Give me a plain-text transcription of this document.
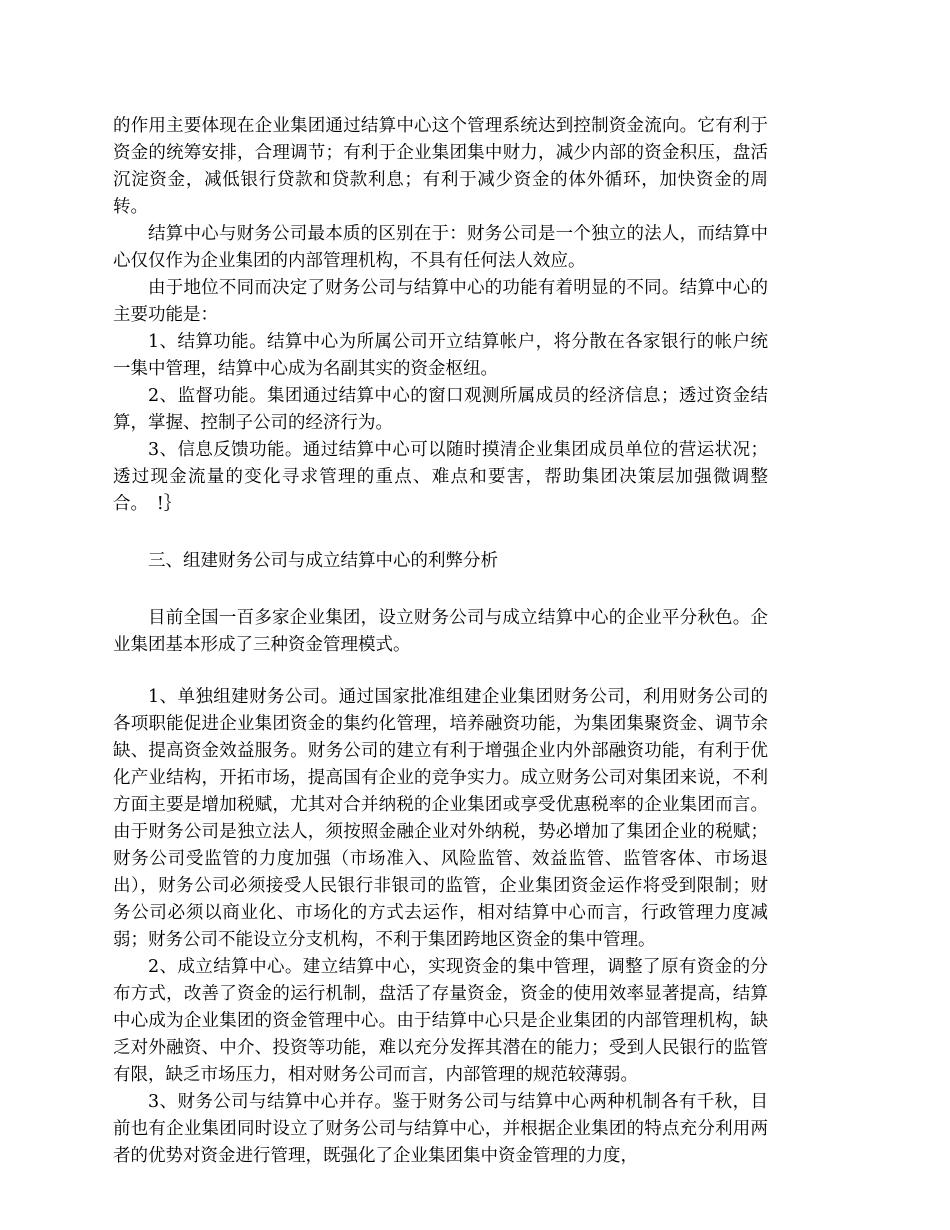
的作用主要体现在企业集团通过结算中心这个管理系统达到控制资金流向。它有利于资金的统筹安排，合理调节；有利于企业集团集中财力，减少内部的资金积压，盘活沉淀资金，减低银行贷款和贷款利息；有利于减少资金的体外循环，加快资金的周转。

结算中心与财务公司最本质的区别在于：财务公司是一个独立的法人，而结算中心仅仅作为企业集团的内部管理机构，不具有任何法人效应。

由于地位不同而决定了财务公司与结算中心的功能有着明显的不同。结算中心的主要功能是：

1、结算功能。结算中心为所属公司开立结算帐户，将分散在各家银行的帐户统一集中管理，结算中心成为名副其实的资金枢纽。

2、监督功能。集团通过结算中心的窗口观测所属成员的经济信息；透过资金结算，掌握、控制子公司的经济行为。

3、信息反馈功能。通过结算中心可以随时摸清企业集团成员单位的营运状况；透过现金流量的变化寻求管理的重点、难点和要害，帮助集团决策层加强微调整合。　!｝

三、组建财务公司与成立结算中心的利弊分析

目前全国一百多家企业集团，设立财务公司与成立结算中心的企业平分秋色。企业集团基本形成了三种资金管理模式。

1、单独组建财务公司。通过国家批准组建企业集团财务公司，利用财务公司的各项职能促进企业集团资金的集约化管理，培养融资功能，为集团集聚资金、调节余缺、提高资金效益服务。财务公司的建立有利于增强企业内外部融资功能，有利于优化产业结构，开拓市场，提高国有企业的竞争实力。成立财务公司对集团来说，不利方面主要是增加税赋，尤其对合并纳税的企业集团或享受优惠税率的企业集团而言。由于财务公司是独立法人，须按照金融企业对外纳税，势必增加了集团企业的税赋；财务公司受监管的力度加强（市场准入、风险监管、效益监管、监管客体、市场退出），财务公司必须接受人民银行非银司的监管，企业集团资金运作将受到限制；财务公司必须以商业化、市场化的方式去运作，相对结算中心而言，行政管理力度减弱；财务公司不能设立分支机构，不利于集团跨地区资金的集中管理。

2、成立结算中心。建立结算中心，实现资金的集中管理，调整了原有资金的分布方式，改善了资金的运行机制，盘活了存量资金，资金的使用效率显著提高，结算中心成为企业集团的资金管理中心。由于结算中心只是企业集团的内部管理机构，缺乏对外融资、中介、投资等功能，难以充分发挥其潜在的能力；受到人民银行的监管有限，缺乏市场压力，相对财务公司而言，内部管理的规范较薄弱。

3、财务公司与结算中心并存。鉴于财务公司与结算中心两种机制各有千秋，目前也有企业集团同时设立了财务公司与结算中心，并根据企业集团的特点充分利用两者的优势对资金进行管理，既强化了企业集团集中资金管理的力度，
